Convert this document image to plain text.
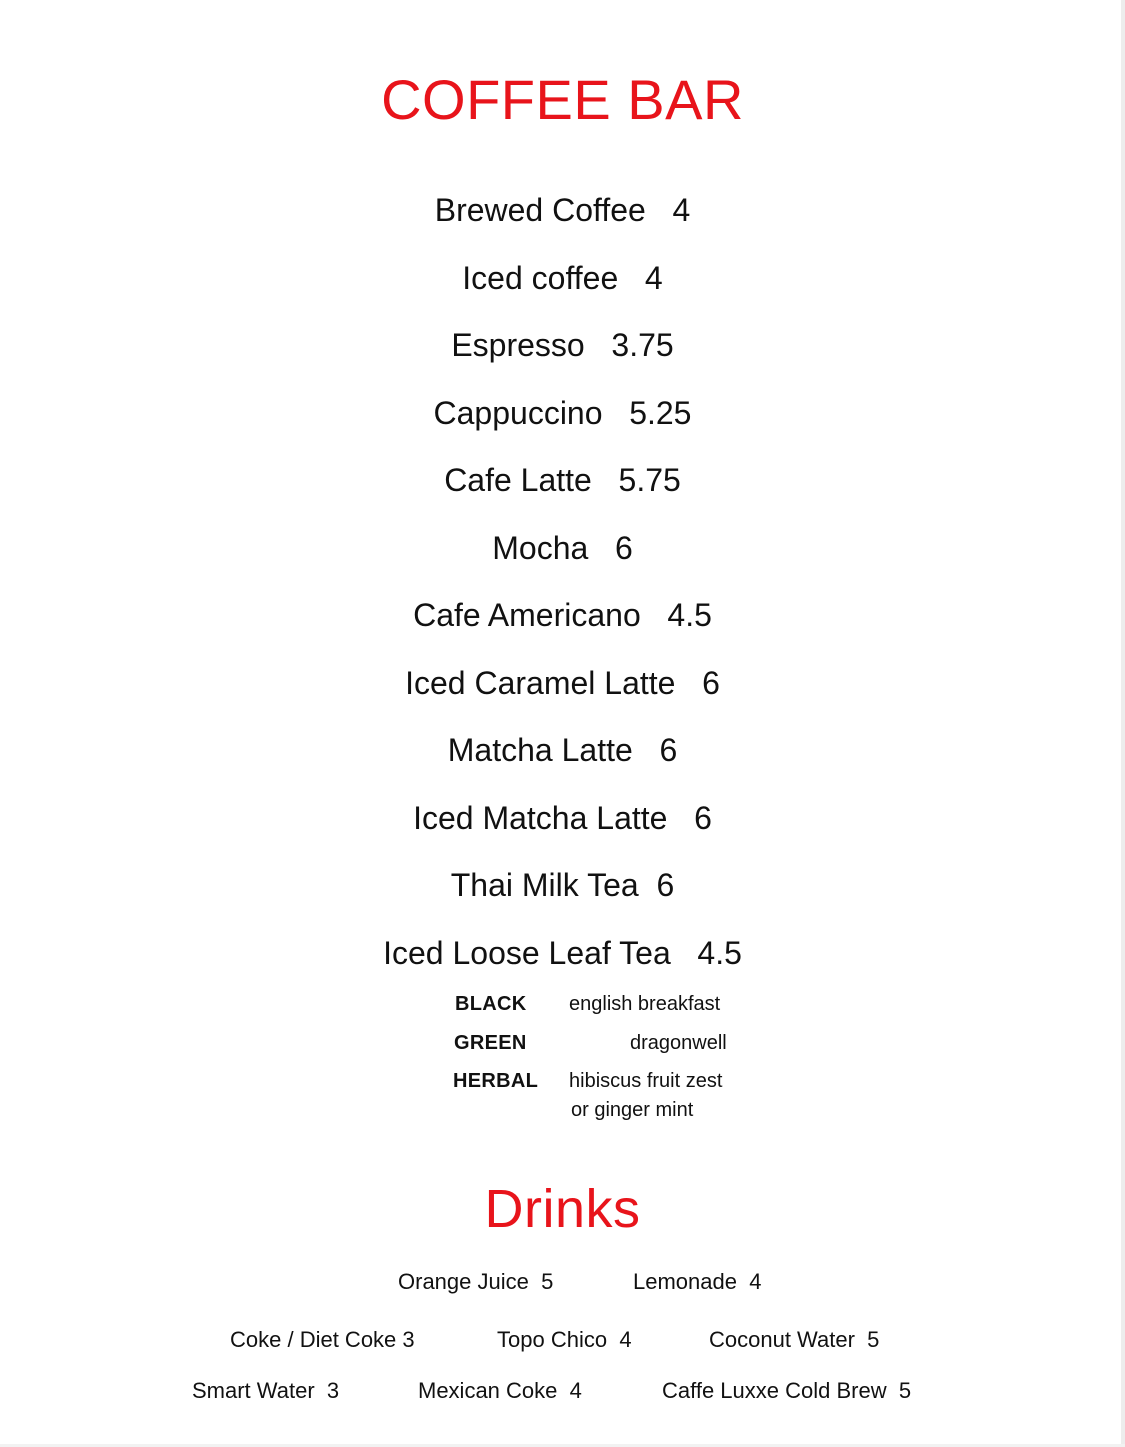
COFFEE BAR
Brewed Coffee 4
Iced coffee 4
Espresso 3.75
Cappuccino 5.25
Cafe Latte 5.75
Mocha 6
Cafe Americano 4.5
Iced Caramel Latte 6
Matcha Latte 6
Iced Matcha Latte 6
Thai Milk Tea 6
Iced Loose Leaf Tea 4.5
BLACK english breakfast
GREEN	dragonwell
HERBAL hibiscus fruit zest
or ginger mint
Drinks
Orange Juice 5	Lemonade 4
Coke / Diet Coke 3	Topo Chico 4	Coconut Water 5
Smart Water 3	Mexican Coke 4	Caffe Luxxe Cold Brew 5
